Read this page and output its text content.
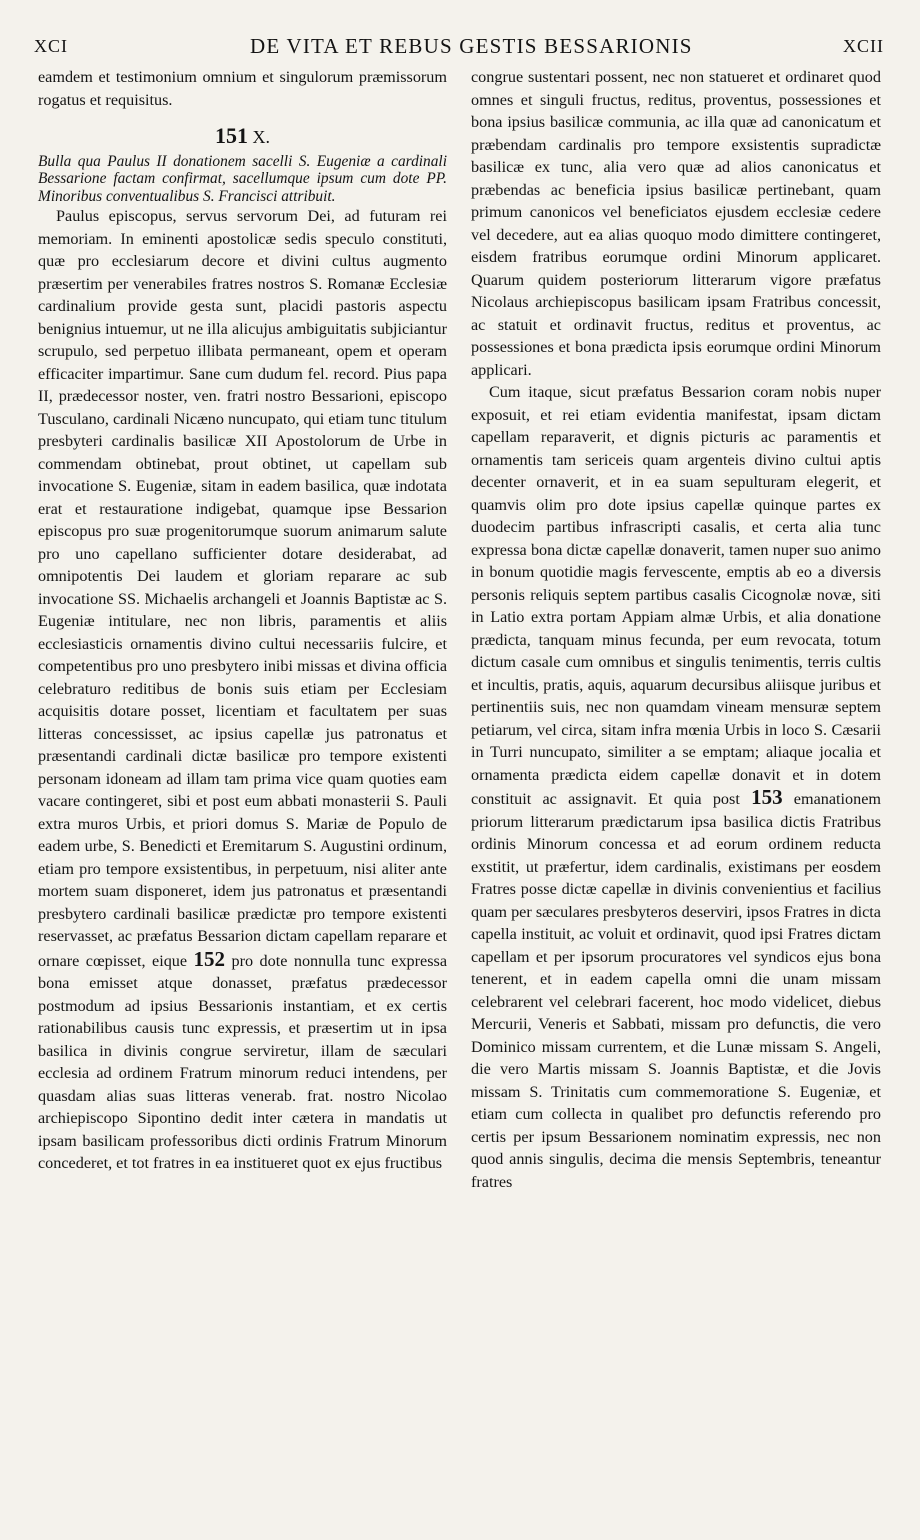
XCI	DE VITA ET REBUS GESTIS BESSARIONIS	XCII

eamdem et testimonium omnium et singulorum præmissorum rogatus et requisitus.

151 X.

Bulla qua Paulus II donationem sacelli S. Eugeniæ a cardinali Bessarione factam confirmat, sacellumque ipsum cum dote PP. Minoribus conventualibus S. Francisci attribuit.

Paulus episcopus, servus servorum Dei, ad futuram rei memoriam. In eminenti apostolicæ sedis speculo constituti, quæ pro ecclesiarum decore et divini cultus augmento præsertim per venerabiles fratres nostros S. Romanæ Ecclesiæ cardinalium provide gesta sunt, placidi pastoris aspectu benignius intuemur, ut ne illa alicujus ambiguitatis subjiciantur scrupulo, sed perpetuo illibata permaneant, opem et operam efficaciter impartimur. Sane cum dudum fel. record. Pius papa II, prædecessor noster, ven. fratri nostro Bessarioni, episcopo Tusculano, cardinali Nicæno nuncupato, qui etiam tunc titulum presbyteri cardinalis basilicæ XII Apostolorum de Urbe in commendam obtinebat, prout obtinet, ut capellam sub invocatione S. Eugeniæ, sitam in eadem basilica, quæ indotata erat et restauratione indigebat, quamque ipse Bessarion episcopus pro suæ progenitorumque suorum animarum salute pro uno capellano sufficienter dotare desiderabat, ad omnipotentis Dei laudem et gloriam reparare ac sub invocatione SS. Michaelis archangeli et Joannis Baptistæ ac S. Eugeniæ intitulare, nec non libris, paramentis et aliis ecclesiasticis ornamentis divino cultui necessariis fulcire, et competentibus pro uno presbytero inibi missas et divina officia celebraturo reditibus de bonis suis etiam per Ecclesiam acquisitis dotare posset, licentiam et facultatem per suas litteras concessisset, ac ipsius capellæ jus patronatus et præsentandi cardinali dictæ basilicæ pro tempore existenti personam idoneam ad illam tam prima vice quam quoties eam vacare contingeret, sibi et post eum abbati monasterii S. Pauli extra muros Urbis, et priori domus S. Mariæ de Populo de eadem urbe, S. Benedicti et Eremitarum S. Augustini ordinum, etiam pro tempore exsistentibus, in perpetuum, nisi aliter ante mortem suam disponeret, idem jus patronatus et præsentandi presbytero cardinali basilicæ prædictæ pro tempore existenti reservasset, ac præfatus Bessarion dictam capellam reparare et ornare cœpisset, eique 152 pro dote nonnulla tunc expressa bona emisset atque donasset, præfatus prædecessor postmodum ad ipsius Bessarionis instantiam, et ex certis rationabilibus causis tunc expressis, et præsertim ut in ipsa basilica in divinis congrue serviretur, illam de sæculari ecclesia ad ordinem Fratrum minorum reduci intendens, per quasdam alias suas litteras venerab. frat. nostro Nicolao archiepiscopo Sipontino dedit inter cætera in mandatis ut ipsam basilicam professoribus dicti ordinis Fratrum Minorum concederet, et tot fratres in ea institueret quot ex ejus fructibus

congrue sustentari possent, nec non statueret et ordinaret quod omnes et singuli fructus, reditus, proventus, possessiones et bona ipsius basilicæ communia, ac illa quæ ad canonicatum et præbendam cardinalis pro tempore exsistentis supradictæ basilicæ ex tunc, alia vero quæ ad alios canonicatus et præbendas ac beneficia ipsius basilicæ pertinebant, quam primum canonicos vel beneficiatos ejusdem ecclesiæ cedere vel decedere, aut ea alias quoquo modo dimittere contingeret, eisdem fratribus eorumque ordini Minorum applicaret. Quarum quidem posteriorum litterarum vigore præfatus Nicolaus archiepiscopus basilicam ipsam Fratribus concessit, ac statuit et ordinavit fructus, reditus et proventus, ac possessiones et bona prædicta ipsis eorumque ordini Minorum applicari.

Cum itaque, sicut præfatus Bessarion coram nobis nuper exposuit, et rei etiam evidentia manifestat, ipsam dictam capellam reparaverit, et dignis picturis ac paramentis et ornamentis tam sericeis quam argenteis divino cultui aptis decenter ornaverit, et in ea suam sepulturam elegerit, et quamvis olim pro dote ipsius capellæ quinque partes ex duodecim partibus infrascripti casalis, et certa alia tunc expressa bona dictæ capellæ donaverit, tamen nuper suo animo in bonum quotidie magis fervescente, emptis ab eo a diversis personis reliquis septem partibus casalis Cicognolæ novæ, siti in Latio extra portam Appiam almæ Urbis, et alia donatione prædicta, tanquam minus fecunda, per eum revocata, totum dictum casale cum omnibus et singulis tenimentis, terris cultis et incultis, pratis, aquis, aquarum decursibus aliisque juribus et pertinentiis suis, nec non quamdam vineam mensuræ septem petiarum, vel circa, sitam infra mœnia Urbis in loco S. Cæsarii in Turri nuncupato, similiter a se emptam; aliaque jocalia et ornamenta prædicta eidem capellæ donavit et in dotem constituit ac assignavit. Et quia post 153 emanationem priorum litterarum prædictarum ipsa basilica dictis Fratribus ordinis Minorum concessa et ad eorum ordinem reducta exstitit, ut præfertur, idem cardinalis, existimans per eosdem Fratres posse dictæ capellæ in divinis convenientius et facilius quam per sæculares presbyteros deserviri, ipsos Fratres in dicta capella instituit, ac voluit et ordinavit, quod ipsi Fratres dictam capellam et per ipsorum procuratores vel syndicos ejus bona tenerent, et in eadem capella omni die unam missam celebrarent vel celebrari facerent, hoc modo videlicet, diebus Mercurii, Veneris et Sabbati, missam pro defunctis, die vero Dominico missam currentem, et die Lunæ missam S. Angeli, die vero Martis missam S. Joannis Baptistæ, et die Jovis missam S. Trinitatis cum commemoratione S. Eugeniæ, et etiam cum collecta in qualibet pro defunctis referendo pro certis per ipsum Bessarionem nominatim expressis, nec non quod annis singulis, decima die mensis Septembris, teneantur fratres
